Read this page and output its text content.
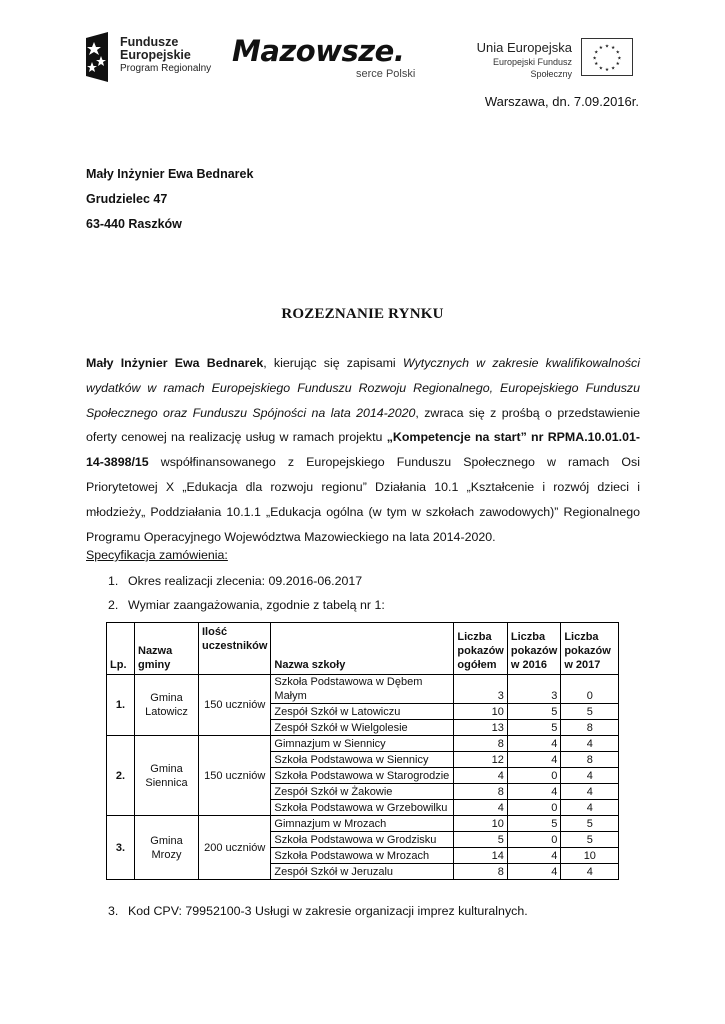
Fundusze
Europejskie
Program Regionalny
Mazowsze.
serce Polski
Unia Europejska
Europejski Fundusz Społeczny
★ ★
★
★
★
★
★
★
★
★
★
★
Warszawa, dn. 7.09.2016r.
Mały Inżynier Ewa Bednarek
Grudzielec 47
63-440 Raszków
ROZEZNANIE RYNKU
Mały Inżynier Ewa Bednarek, kierując się zapisami Wytycznych w zakresie kwalifikowalności wydatków w ramach Europejskiego Funduszu Rozwoju Regionalnego, Europejskiego Funduszu Społecznego oraz Funduszu Spójności na lata 2014-2020, zwraca się z prośbą o przedstawienie oferty cenowej na realizację usług w ramach projektu „Kompetencje na start” nr RPMA.10.01.01-14-3898/15 współfinansowanego z Europejskiego Funduszu Społecznego w ramach Osi Priorytetowej X „Edukacja dla rozwoju regionu” Działania 10.1 „Kształcenie i rozwój dzieci i młodzieży„ Poddziałania 10.1.1 „Edukacja ogólna (w tym w szkołach zawodowych)” Regionalnego Programu Operacyjnego Województwa Mazowieckiego na lata 2014-2020.
Specyfikacja zamówienia:
1. Okres realizacji zlecenia: 09.2016-06.2017
2. Wymiar zaangażowania, zgodnie z tabelą nr 1:
Lp.	Nazwa gminy	Ilość uczestników	Nazwa szkoły	Liczba pokazów ogółem	Liczba pokazów w 2016	Liczba pokazów w 2017
1.	Gmina Latowicz	150 uczniów	Szkoła Podstawowa w Dębem Małym	3	3	0
			Zespół Szkół w Latowiczu	10	5	5
			Zespół Szkół w Wielgolesie	13	5	8
2.	Gmina Siennica	150 uczniów	Gimnazjum w Siennicy	8	4	4
			Szkoła Podstawowa w Siennicy	12	4	8
			Szkoła Podstawowa w Starogrodzie	4	0	4
			Zespół Szkół w Żakowie	8	4	4
			Szkoła Podstawowa w Grzebowilku	4	0	4
3.	Gmina Mrozy	200 uczniów	Gimnazjum w Mrozach	10	5	5
			Szkoła Podstawowa w Grodzisku	5	0	5
			Szkoła Podstawowa w Mrozach	14	4	10
			Zespół Szkół w Jeruzalu	8	4	4
3. Kod CPV: 79952100-3 Usługi w zakresie organizacji imprez kulturalnych.
